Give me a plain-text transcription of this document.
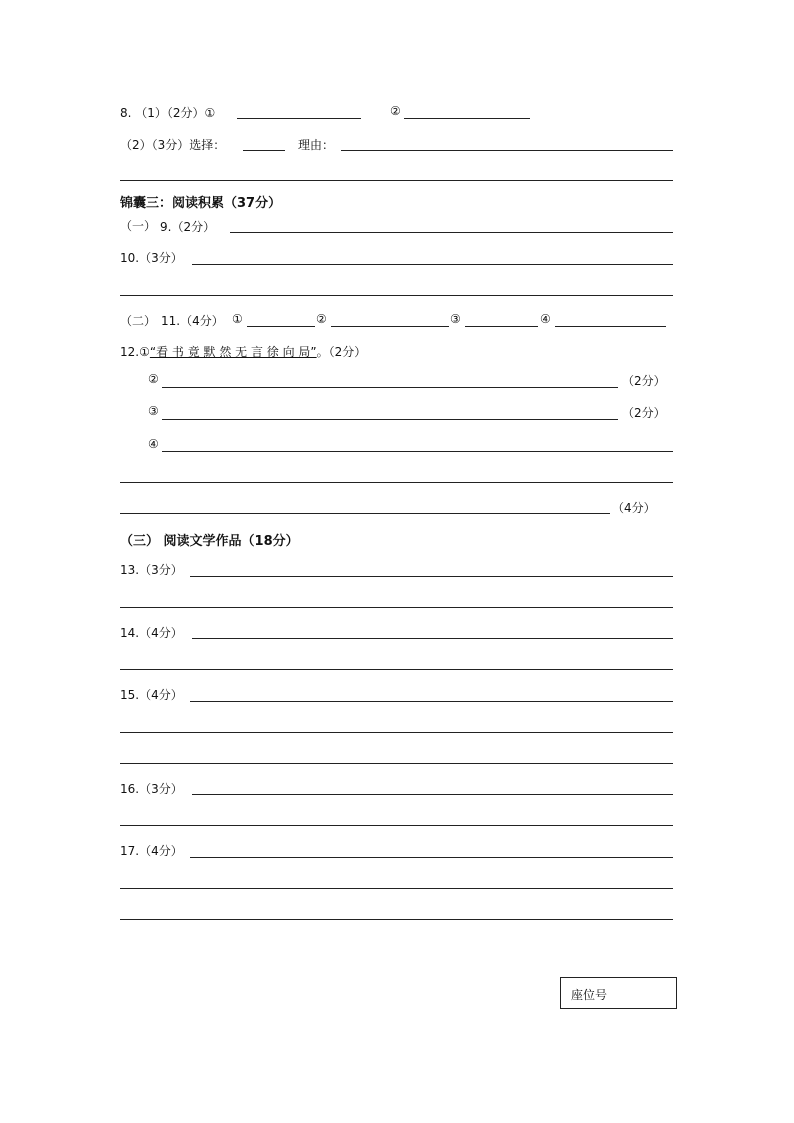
8. （1）（2分）①	②
（2）（3分）选择：	理由：
锦囊三：阅读积累（37分）
（一） 9.（2分）
10.（3分）
（二） 11.（4分） ①	②	③	④
12.①“看 书 竟 默 然 无 言 徐 向 局”。（2分）
②	（2分）
③	（2分）
④
（4分）
（三） 阅读文学作品（18分）
13.（3分）
14.（4分）
15.（4分）
16.（3分）
17.（4分）
座位号
